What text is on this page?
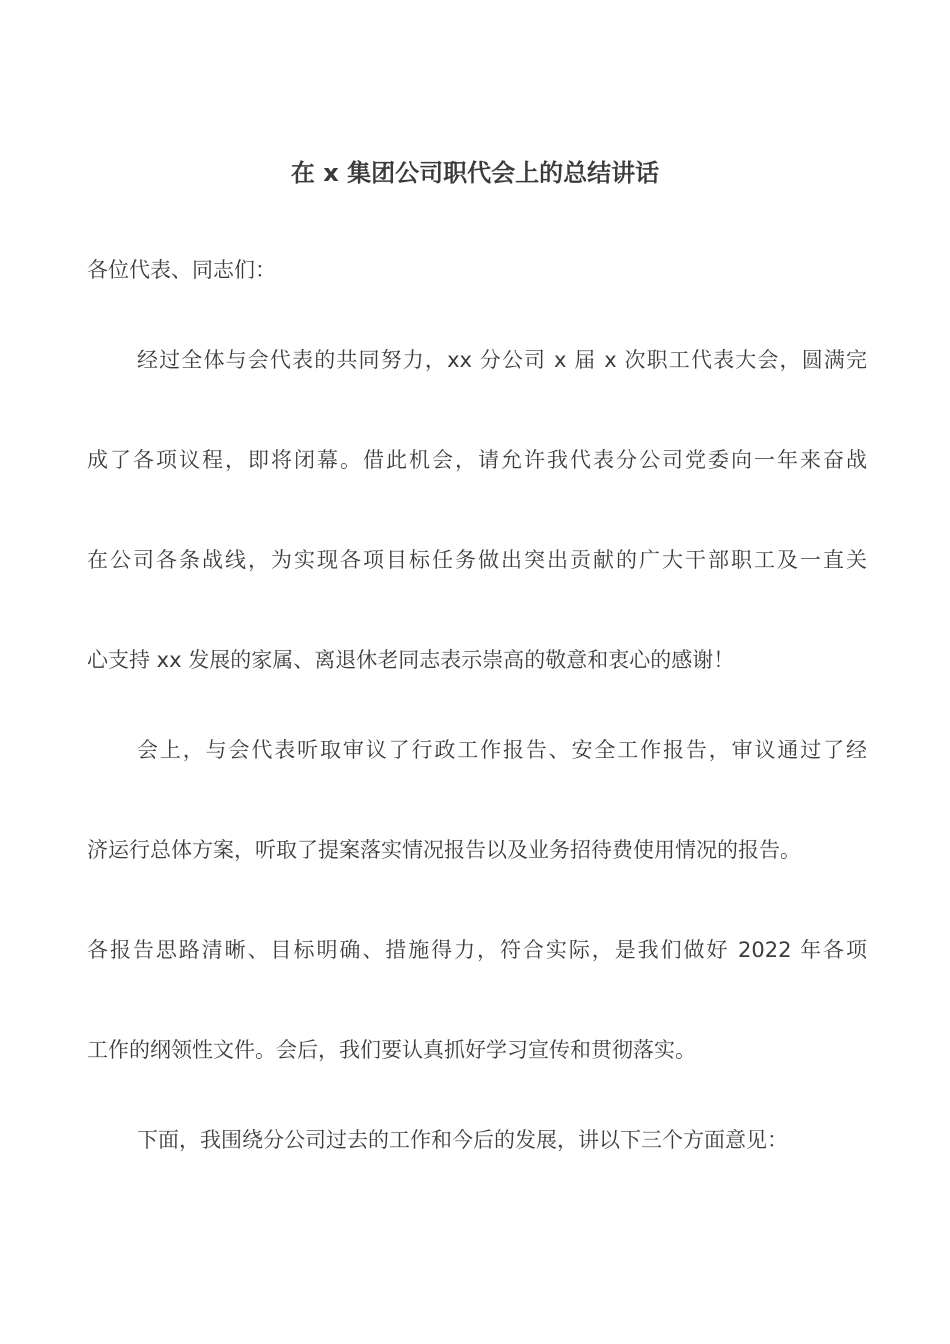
在 x 集团公司职代会上的总结讲话

各位代表、同志们：

经过全体与会代表的共同努力，xx 分公司 x 届 x 次职工代表大会，圆满完

成了各项议程，即将闭幕。借此机会，请允许我代表分公司党委向一年来奋战

在公司各条战线，为实现各项目标任务做出突出贡献的广大干部职工及一直关

心支持 xx 发展的家属、离退休老同志表示崇高的敬意和衷心的感谢！

会上，与会代表听取审议了行政工作报告、安全工作报告，审议通过了经

济运行总体方案，听取了提案落实情况报告以及业务招待费使用情况的报告。

各报告思路清晰、目标明确、措施得力，符合实际，是我们做好 2022 年各项

工作的纲领性文件。会后，我们要认真抓好学习宣传和贯彻落实。

下面，我围绕分公司过去的工作和今后的发展，讲以下三个方面意见：
